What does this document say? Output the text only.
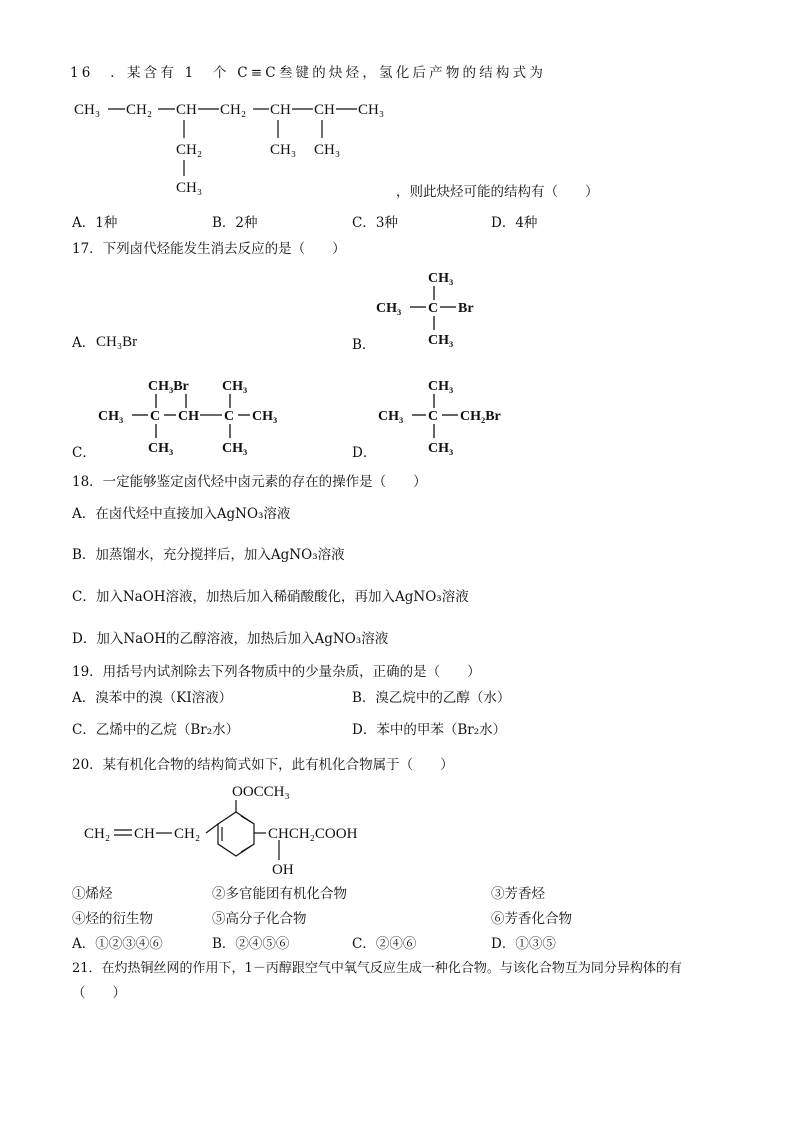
16　．某含有 1　个 C≡C叁键的炔烃，氢化后产物的结构式为
CH₃ CH₂ CH CH₂ CH CH CH₃
CH₂
CH₃
CH₃ CH₃
，则此炔烃可能的结构有（　　）
A．1种	B．2种	C．3种	D．4种
17．下列卤代烃能发生消去反应的是（　　）
A． CH₃Br	B．
CH₃
CH₃ C Br
CH₃
C．
CH₃Br CH₃
CH₃ C CH C CH₃
CH₃	CH₃	D．
CH₃
CH₃ C CH₂Br
CH₃
18．一定能够鉴定卤代烃中卤元素的存在的操作是（　　）
A．在卤代烃中直接加入AgNO₃溶液
B．加蒸馏水，充分搅拌后，加入AgNO₃溶液
C．加入NaOH溶液，加热后加入稀硝酸酸化，再加入AgNO₃溶液
D．加入NaOH的乙醇溶液，加热后加入AgNO₃溶液
19．用括号内试剂除去下列各物质中的少量杂质，正确的是（　　）
A．溴苯中的溴（KI溶液）	B．溴乙烷中的乙醇（水）
C．乙烯中的乙烷（Br₂水）	D．苯中的甲苯（Br₂水）
20．某有机化合物的结构简式如下，此有机化合物属于（　　）
OOCCH₃
CH₂ CH CH₂	CHCH₂COOH
OH
①烯烃	②多官能团有机化合物	③芳香烃
④烃的衍生物	⑤高分子化合物	⑥芳香化合物
A．①②③④⑥	B．②④⑤⑥	C．②④⑥	D．①③⑤
21．在灼热铜丝网的作用下，1－丙醇跟空气中氧气反应生成一种化合物。与该化合物互为同分异构体的有
（　　）
